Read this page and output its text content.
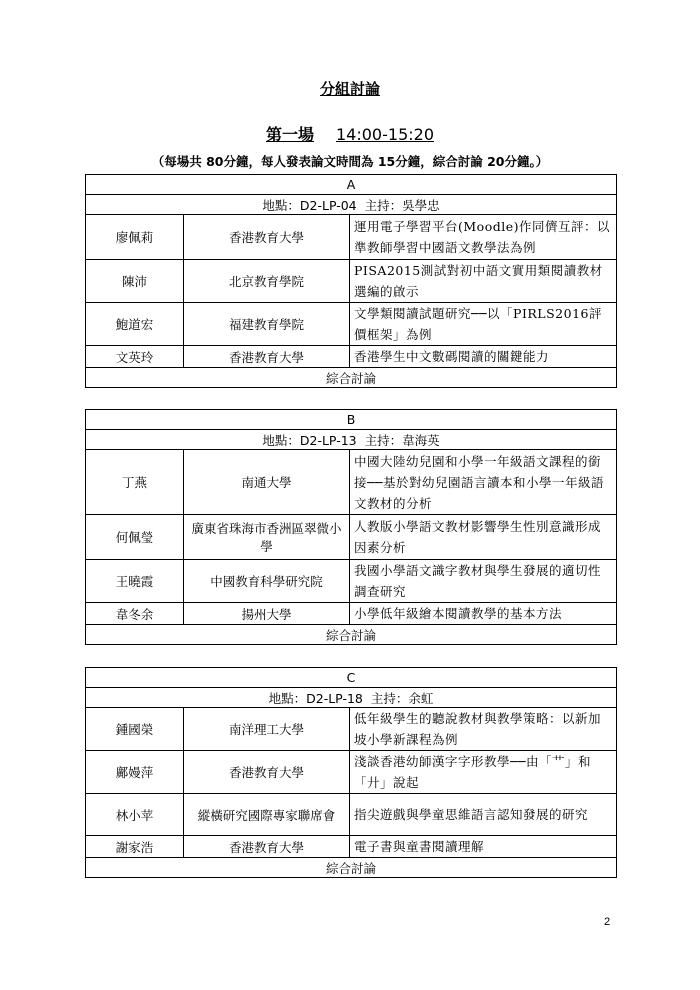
分組討論
第一場 14:00-15:20
（每場共 80分鐘，每人發表論文時間為 15分鐘，綜合討論 20分鐘。）
A		
地點：D2-LP-04 主持：吳學忠		
廖佩莉	香港教育大學	運用電子學習平台(Moodle)作同儕互評：以準教師學習中國語文教學法為例
陳沛	北京教育學院	PISA2015測試對初中語文實用類閱讀教材選編的啟示
鮑道宏	福建教育學院	文學類閱讀試題研究──以「PIRLS2016評價框架」為例
文英玲	香港教育大學	香港學生中文數碼閱讀的關鍵能力
綜合討論		
B		
地點：D2-LP-13 主持：韋海英		
丁燕	南通大學	中國大陸幼兒園和小學一年級語文課程的銜接──基於對幼兒園語言讀本和小學一年級語文教材的分析
何佩瑩	廣東省珠海市香洲區翠微小學	人教版小學語文教材影響學生性別意識形成因素分析
王曉霞	中國教育科學研究院	我國小學語文識字教材與學生發展的適切性調查研究
韋冬余	揚州大學	小學低年級繪本閱讀教學的基本方法
綜合討論		
C		
地點：D2-LP-18 主持：余虹		
鍾國榮	南洋理工大學	低年級學生的聽說教材與教學策略：以新加坡小學新課程為例
鄺嫚萍	香港教育大學	淺談香港幼師漢字字形教學──由「艹」和「廾」說起
林小苹	縱橫研究國際專家聯席會	指尖遊戲與學童思維語言認知發展的研究
謝家浩	香港教育大學	電子書與童書閱讀理解
綜合討論		
2
